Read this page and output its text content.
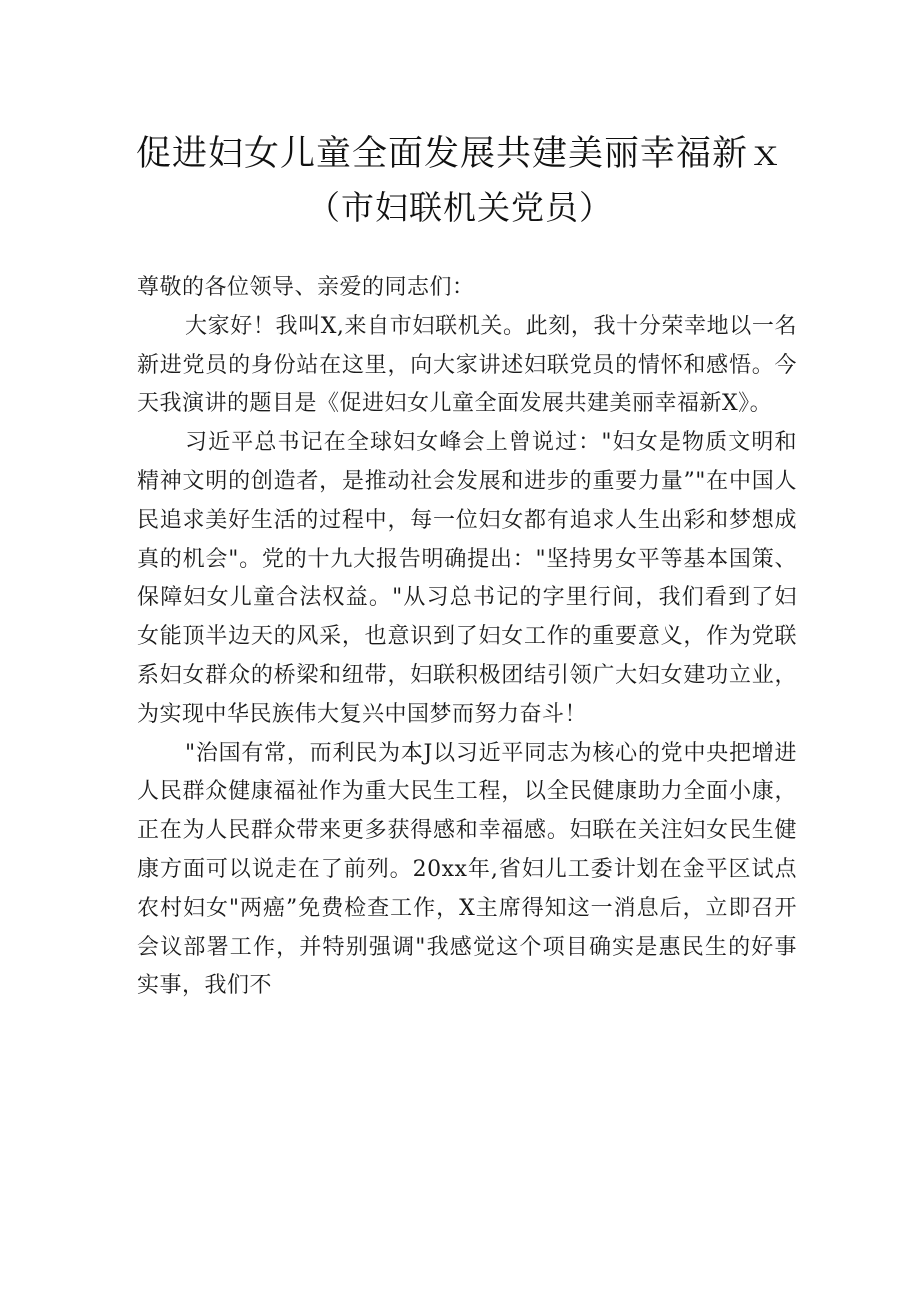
促进妇女儿童全面发展共建美丽幸福新ｘ
（市妇联机关党员）

尊敬的各位领导、亲爱的同志们：

大家好！我叫X,来自市妇联机关。此刻，我十分荣幸地以一名新进党员的身份站在这里，向大家讲述妇联党员的情怀和感悟。今天我演讲的题目是《促进妇女儿童全面发展共建美丽幸福新X》。

习近平总书记在全球妇女峰会上曾说过："妇女是物质文明和精神文明的创造者，是推动社会发展和进步的重要力量”"在中国人民追求美好生活的过程中，每一位妇女都有追求人生出彩和梦想成真的机会"。党的十九大报告明确提出："坚持男女平等基本国策、保障妇女儿童合法权益。"从习总书记的字里行间，我们看到了妇女能顶半边天的风采，也意识到了妇女工作的重要意义，作为党联系妇女群众的桥梁和纽带，妇联积极团结引领广大妇女建功立业，为实现中华民族伟大复兴中国梦而努力奋斗！

"治国有常，而利民为本J以习近平同志为核心的党中央把增进人民群众健康福祉作为重大民生工程，以全民健康助力全面小康，正在为人民群众带来更多获得感和幸福感。妇联在关注妇女民生健康方面可以说走在了前列。20xx年,省妇儿工委计划在金平区试点农村妇女"两癌”免费检查工作，X主席得知这一消息后，立即召开会议部署工作，并特别强调"我感觉这个项目确实是惠民生的好事实事，我们不
